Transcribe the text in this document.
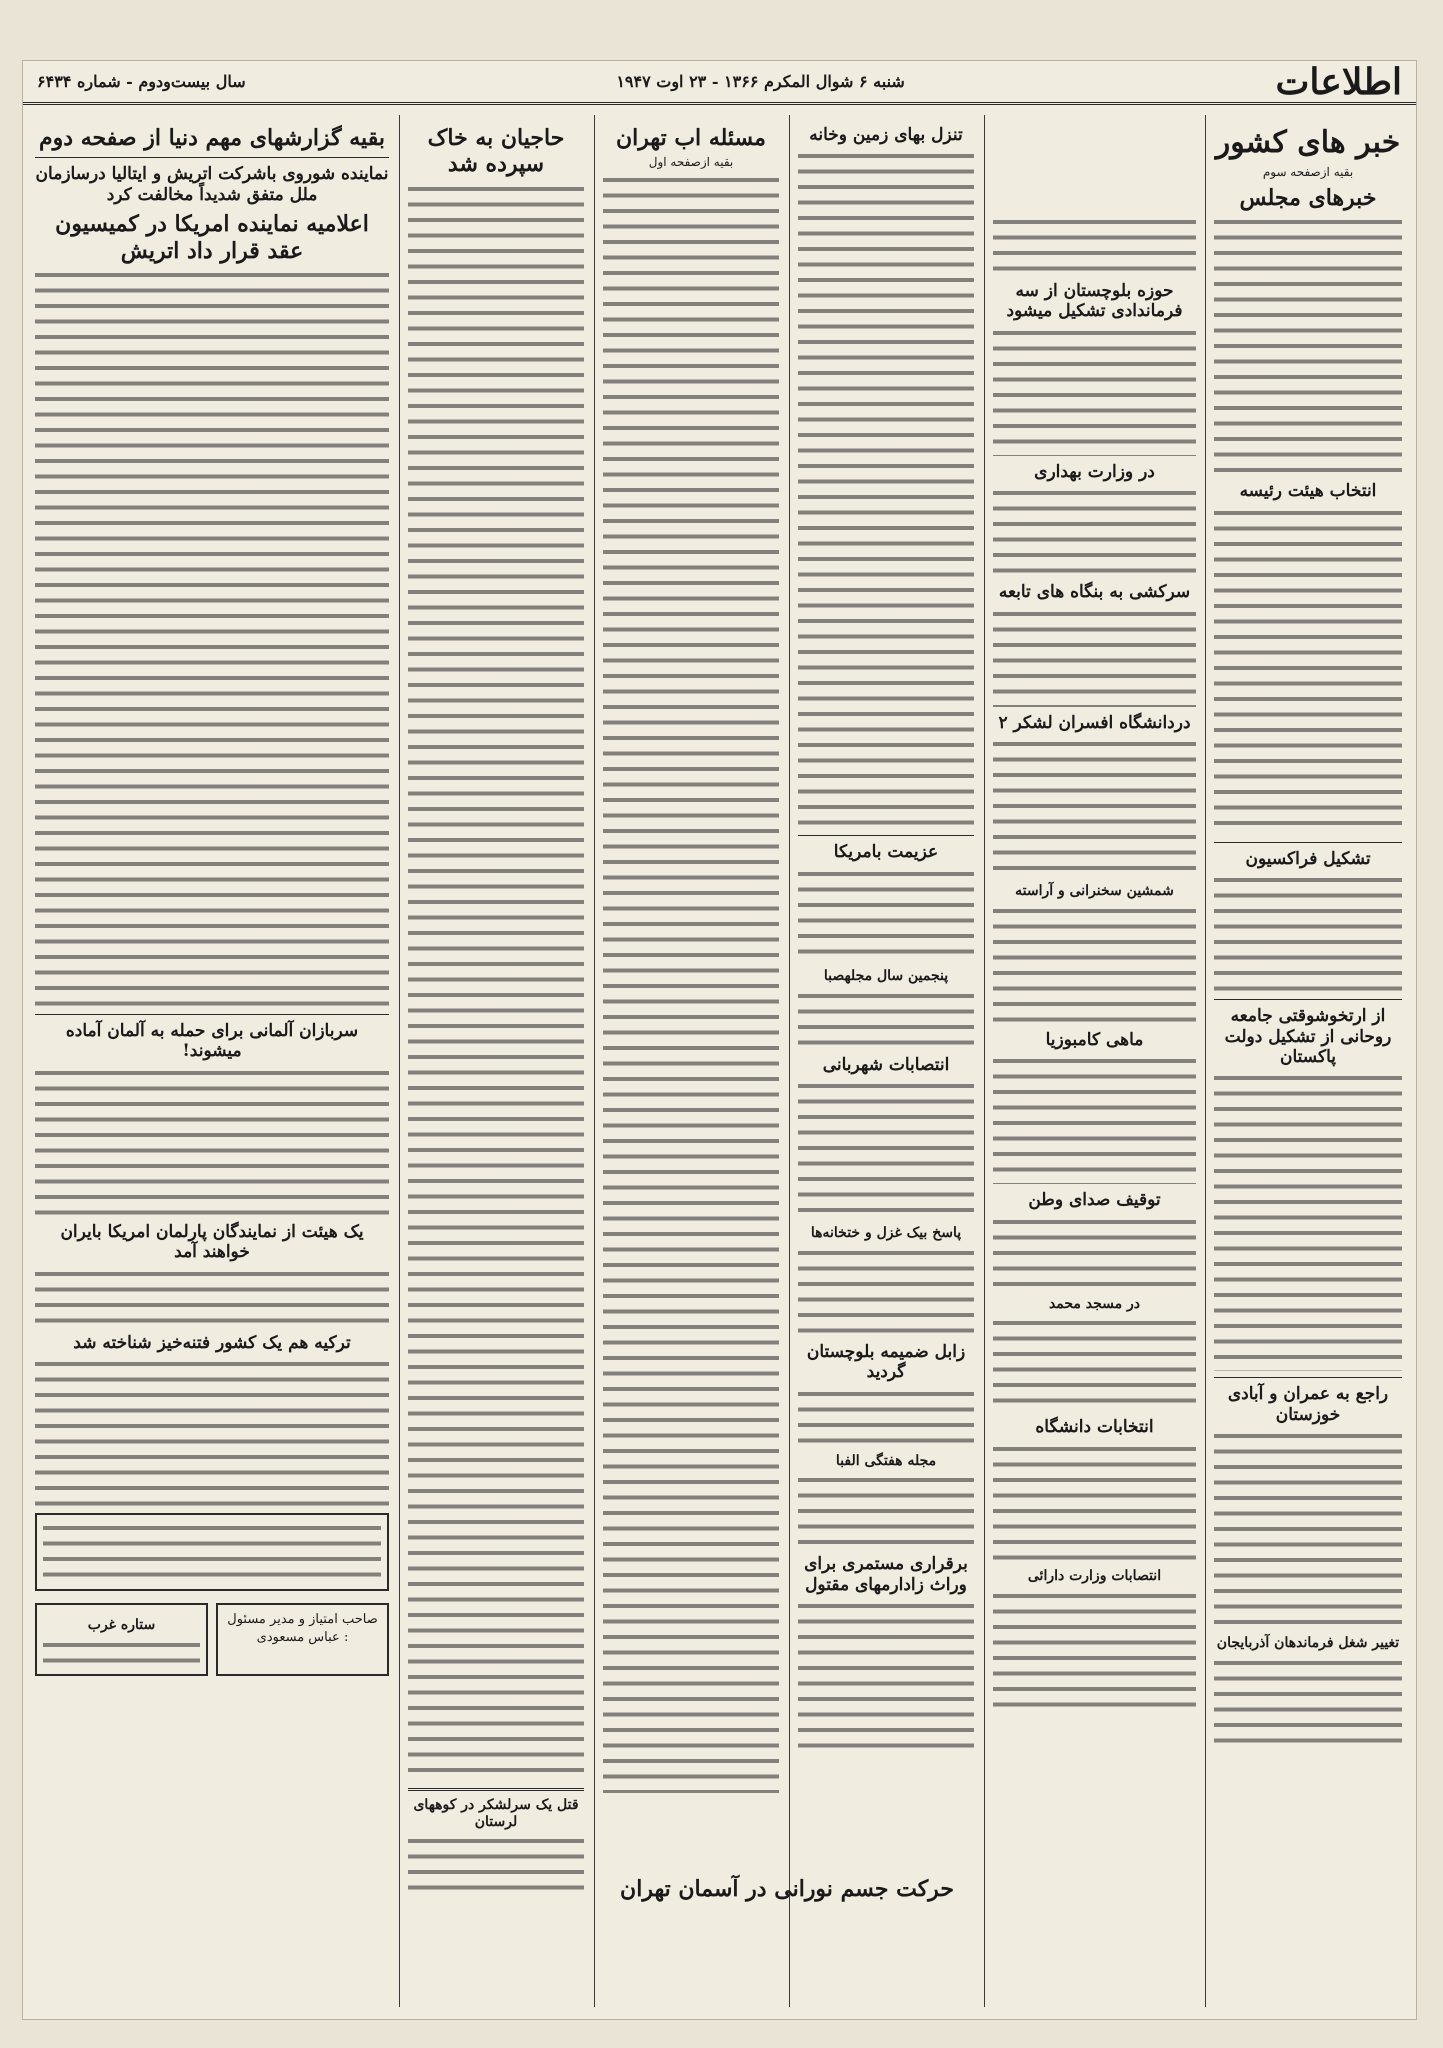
اطلاعات
شنبه ۶ شوال المکرم ۱۳۶۶ - ۲۳ اوت ۱۹۴۷
سال بیست‌ودوم - شماره ۶۴۳۴
خبر های کشور
بقیه ازصفحه سوم
خبرهای مجلس
انتخاب هیئت رئیسه
تشکیل فراکسیون
از ارتخوشوقتی جامعه روحانی از تشکیل دولت پاکستان
راجع به عمران و آبادی خوزستان
تغییر شغل فرماندهان آذربایجان
حوزه بلوچستان از سه فرماندادی تشکیل میشود
در وزارت بهداری
سرکشی به بنگاه های تابعه
دردانشگاه افسران لشکر ۲
شمشین سخنرانی و آراسته
ماهی کامبوزیا
توقیف صدای وطن
در مسجد محمد
انتخابات دانشگاه
انتصابات وزارت دارائی
تنزل بهای زمین وخانه
عزیمت بامریکا
پنجمین سال مجلهصبا
انتصابات شهربانی
پاسخ بیک غزل و ختخانه‌ها
زابل ضمیمه بلوچستان گردید
مجله هفتگی الفبا
برقراری مستمری برای وراث زادارمهای مقتول
مسئله اب تهران
بقیه ازصفحه اول
حاجیان به خاک سپرده شد
قتل یک سرلشکر در کوههای لرستان
بقیه گزارشهای مهم دنیا از صفحه دوم
نماینده شوروی باشرکت اتریش و ایتالیا درسازمان ملل متفق شدیداً مخالفت کرد
اعلامیه نماینده امریکا در کمیسیون عقد قرار داد اتریش
سربازان آلمانی برای حمله به آلمان آماده میشوند!
یک هیئت از نمایندگان پارلمان امریکا بایران خواهند آمد
ترکیه هم یک کشور فتنه‌خیز شناخته شد
صاحب امتیاز و مدیر مسئول : عباس مسعودی
ستاره غرب
حرکت جسم نورانی در آسمان تهران
